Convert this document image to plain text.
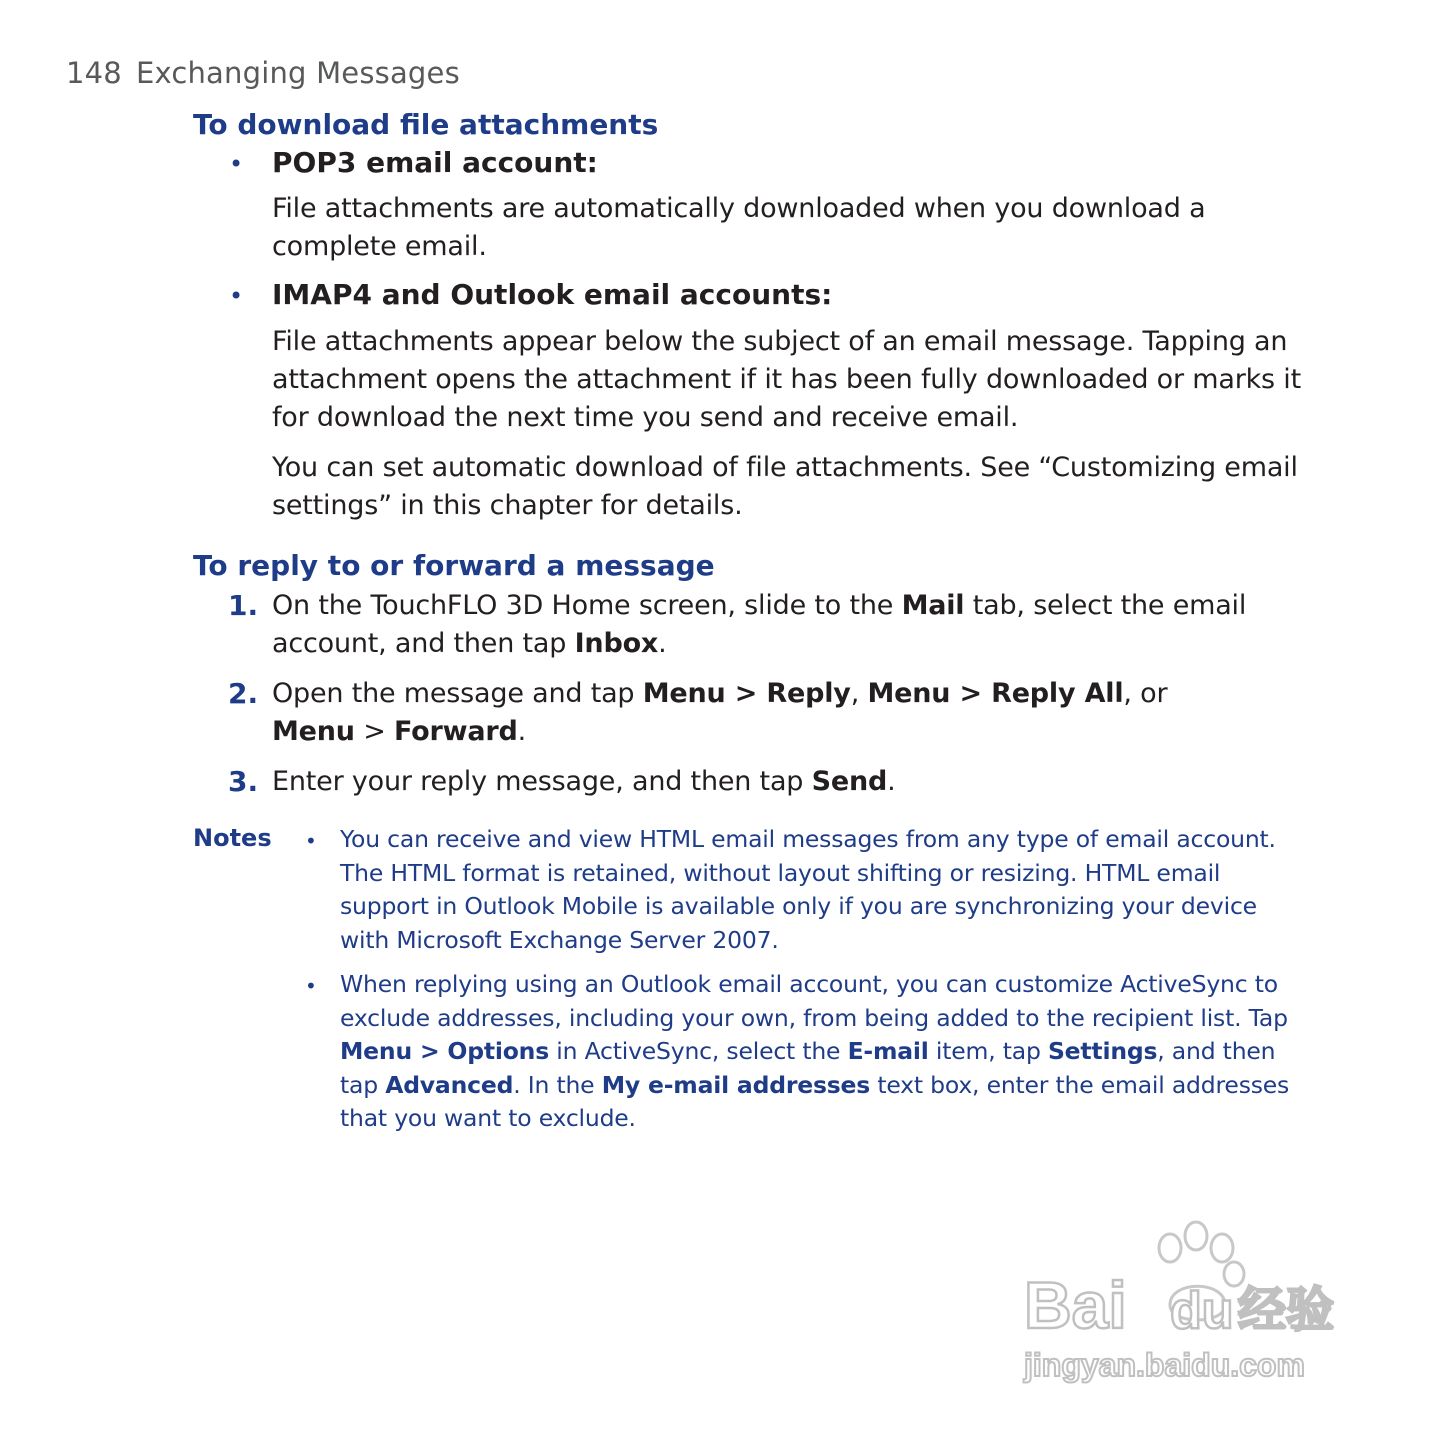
148 Exchanging Messages
To download file attachments
• POP3 email account:
File attachments are automatically downloaded when you download a complete email.
• IMAP4 and Outlook email accounts:
File attachments appear below the subject of an email message. Tapping an attachment opens the attachment if it has been fully downloaded or marks it for download the next time you send and receive email.
You can set automatic download of file attachments. See “Customizing email settings” in this chapter for details.
To reply to or forward a message
1. On the TouchFLO 3D Home screen, slide to the Mail tab, select the email account, and then tap Inbox.
2. Open the message and tap Menu > Reply, Menu > Reply All, or
Menu > Forward.
3. Enter your reply message, and then tap Send.
Notes • You can receive and view HTML email messages from any type of email account. The HTML format is retained, without layout shifting or resizing. HTML email support in Outlook Mobile is available only if you are synchronizing your device with Microsoft Exchange Server 2007.
• When replying using an Outlook email account, you can customize ActiveSync to exclude addresses, including your own, from being added to the recipient list. Tap Menu > Options in ActiveSync, select the E-mail item, tap Settings, and then tap Advanced. In the My e-mail addresses text box, enter the email addresses that you want to exclude.
Bai du 经验
jingyan.baidu.com
